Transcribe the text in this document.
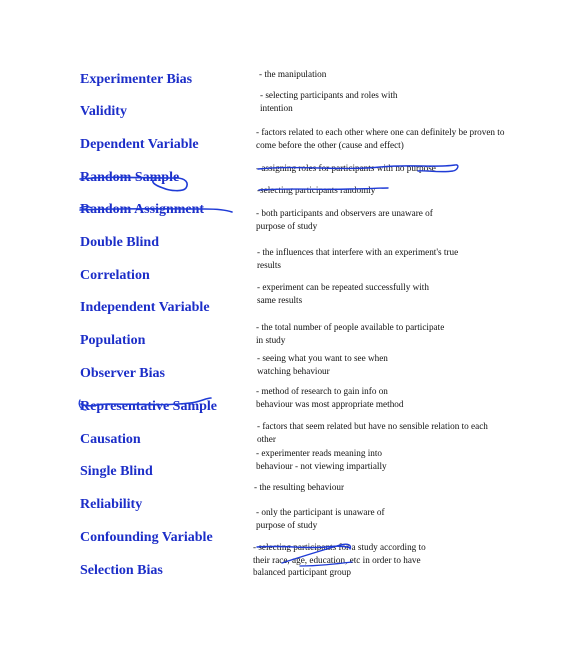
Experimenter Bias
Validity
Dependent Variable
Random Sample
Random Assignment
Double Blind
Correlation
Independent Variable
Population
Observer Bias
Representative Sample
Causation
Single Blind
Reliability
Confounding Variable
Selection Bias
- the manipulation
- selecting participants and roles with
intention
- factors related to each other where one can definitely be proven to
come before the other (cause and effect)
- assigning roles for participants with no purpose
-selecting participants randomly
- both participants and observers are unaware of
purpose of study
- the influences that interfere with an experiment's true
results
- experiment can be repeated successfully with
same results
- the total number of people available to participate
in study
- seeing what you want to see when
watching behaviour
- method of research to gain info on
behaviour was most appropriate method
- factors that seem related but have no sensible relation to each
other
- experimenter reads meaning into
behaviour - not viewing impartially
- the resulting behaviour
- only the participant is unaware of
purpose of study
- selecting participants for a study according to
their race, age, education, etc in order to have
balanced participant group
